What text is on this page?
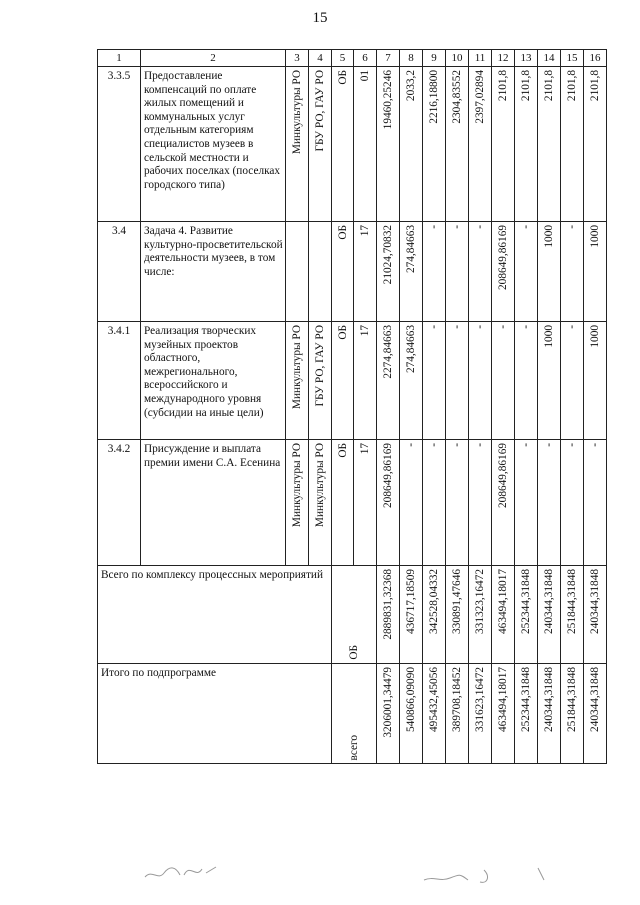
15
1	2	3	4	5	6	7	8	9	10	11	12	13	14	15	16
3.3.5	Предоставление компенсаций по оплате жилых помещений и коммунальных услуг отдельным категориям специалистов музеев в сельской местности и рабочих поселках (поселках городского типа)	Минкультуры РО	ГБУ РО, ГАУ РО	ОБ	01	19460,25246	2033,2	2216,18800	2304,83552	2397,02894	2101,8	2101,8	2101,8	2101,8	2101,8

3.4	Задача 4. Развитие культурно-просветительской деятельности музеев, в том числе:			ОБ	17	21024,70832	274,84663	-	-	-	208649,86169	-	1000	-	1000

3.4.1	Реализация творческих музейных проектов областного, межрегионального, всероссийского и международного уровня (субсидии на иные цели)	Минкультуры РО	ГБУ РО, ГАУ РО	ОБ	17	2274,84663	274,84663	-	-	-	-	-	1000	-	1000

3.4.2	Присуждение и выплата премии имени С.А. Есенина	Минкультуры РО	Минкультуры РО	ОБ	17	208649,86169	-	-	-	-	208649,86169	-	-	-	-

Всего по комплексу процессных мероприятий				ОБ		2889831,32368	436717,18509	342528,04332	330891,47646	331323,16472	463494,18017	252344,31848	240344,31848	251844,31848	240344,31848

Итого по подпрограмме				всего		3206001,34479	540866,09090	495432,45056	389708,18452	331623,16472	463494,18017	252344,31848	240344,31848	251844,31848	240344,31848
